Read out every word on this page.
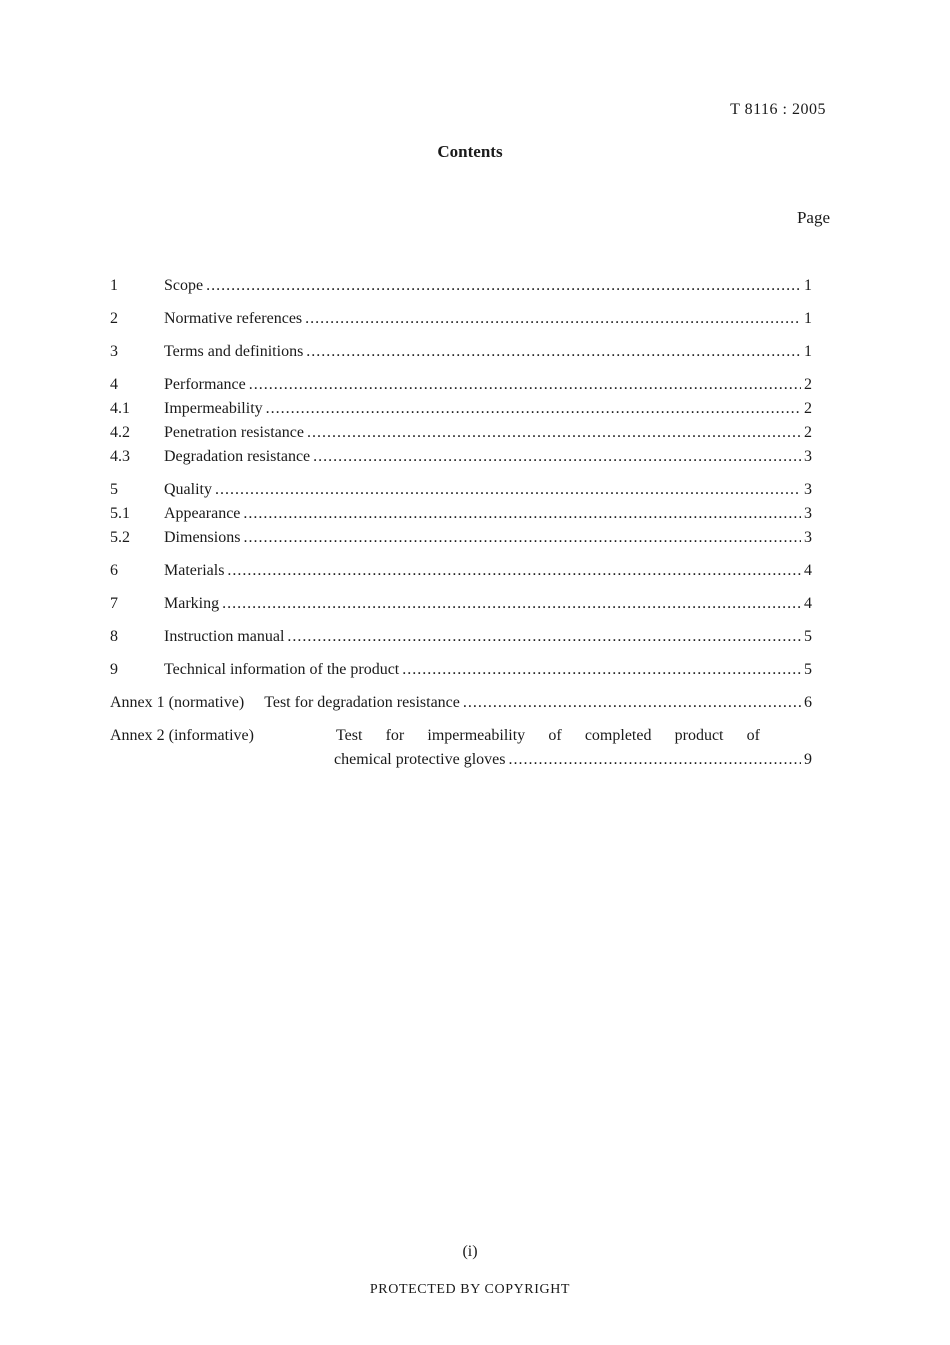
T 8116 : 2005
Contents
Page
1	Scope .....	1
2	Normative references .....	1
3	Terms and definitions .....	1
4	Performance .....	2
4.1	Impermeability .....	2
4.2	Penetration resistance .....	2
4.3	Degradation resistance .....	3
5	Quality .....	3
5.1	Appearance .....	3
5.2	Dimensions .....	3
6	Materials .....	4
7	Marking .....	4
8	Instruction manual .....	5
9	Technical information of the product .....	5
Annex 1 (normative) Test for degradation resistance .....	6
Annex 2 (informative)	Test for impermeability of completed product of
chemical protective gloves .....	9
(i)
PROTECTED BY COPYRIGHT
